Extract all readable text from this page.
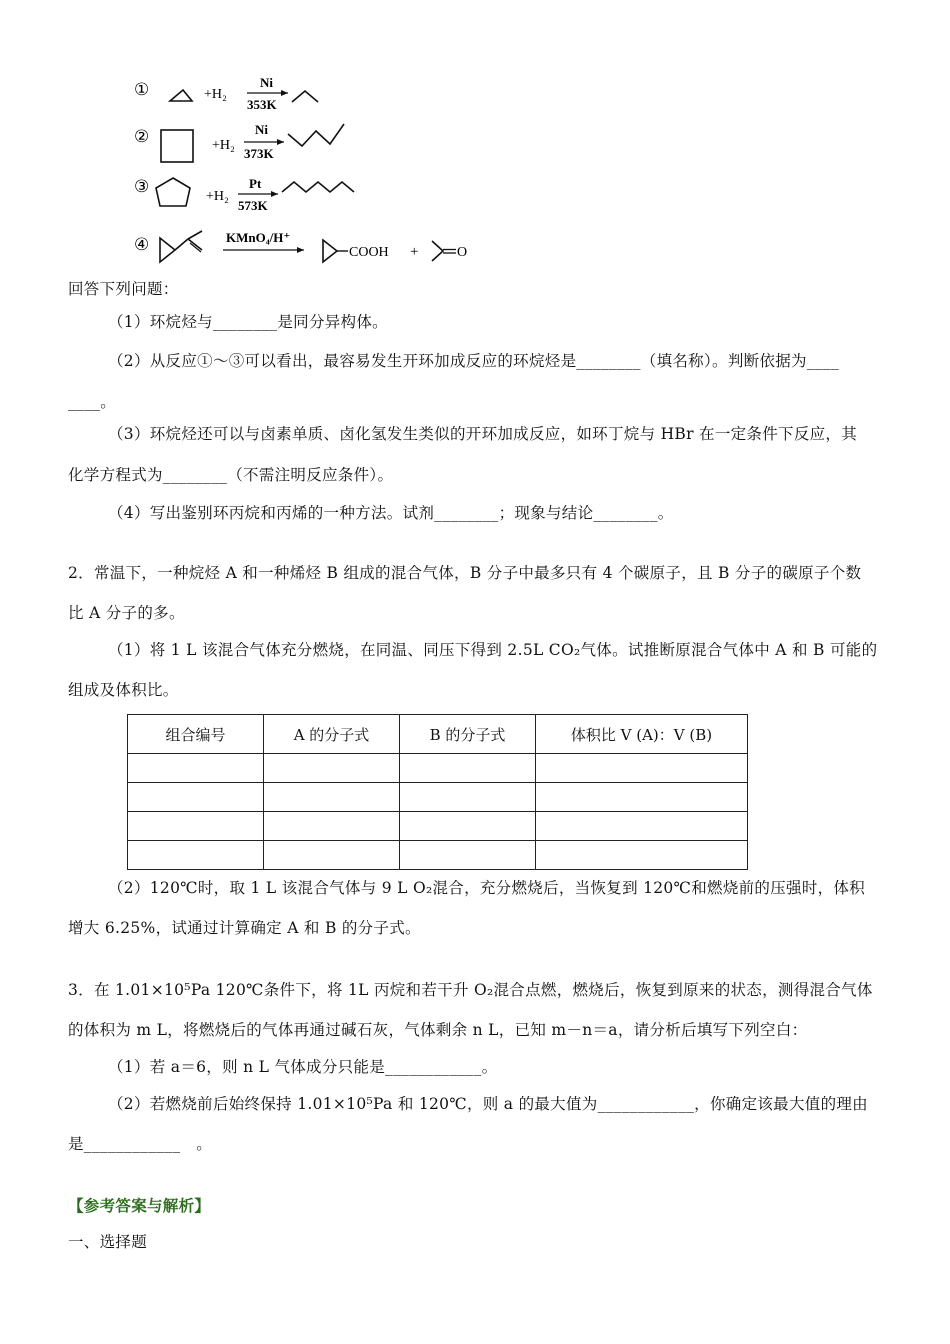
①	+H₂
Ni
353K
②	+H₂
Ni
373K
③
+H₂
Pt
573K
④	KMnO₄/H⁺
COOH +	O
回答下列问题：
（1）环烷烃与________是同分异构体。
（2）从反应①～③可以看出，最容易发生开环加成反应的环烷烃是________（填名称）。判断依据为____
____。
（3）环烷烃还可以与卤素单质、卤化氢发生类似的开环加成反应，如环丁烷与 HBr 在一定条件下反应，其
化学方程式为________（不需注明反应条件）。
（4）写出鉴别环丙烷和丙烯的一种方法。试剂________；现象与结论________。
2．常温下，一种烷烃 A 和一种烯烃 B 组成的混合气体，B 分子中最多只有 4 个碳原子，且 B 分子的碳原子个数
比 A 分子的多。
（1）将 1 L 该混合气体充分燃烧，在同温、同压下得到 2.5L CO₂气体。试推断原混合气体中 A 和 B 可能的
组成及体积比。
组合编号	A 的分子式	B 的分子式	体积比 V (A)：V (B)

（2）120℃时，取 1 L 该混合气体与 9 L O₂混合，充分燃烧后，当恢复到 120℃和燃烧前的压强时，体积
增大 6.25%，试通过计算确定 A 和 B 的分子式。
3．在 1.01×10⁵Pa 120℃条件下，将 1L 丙烷和若干升 O₂混合点燃，燃烧后，恢复到原来的状态，测得混合气体
的体积为 m L，将燃烧后的气体再通过碱石灰，气体剩余 n L，已知 m－n＝a，请分析后填写下列空白：
（1）若 a＝6，则 n L 气体成分只能是____________。
（2）若燃烧前后始终保持 1.01×10⁵Pa 和 120℃，则 a 的最大值为____________，你确定该最大值的理由
是____________　。
【参考答案与解析】
一、选择题
